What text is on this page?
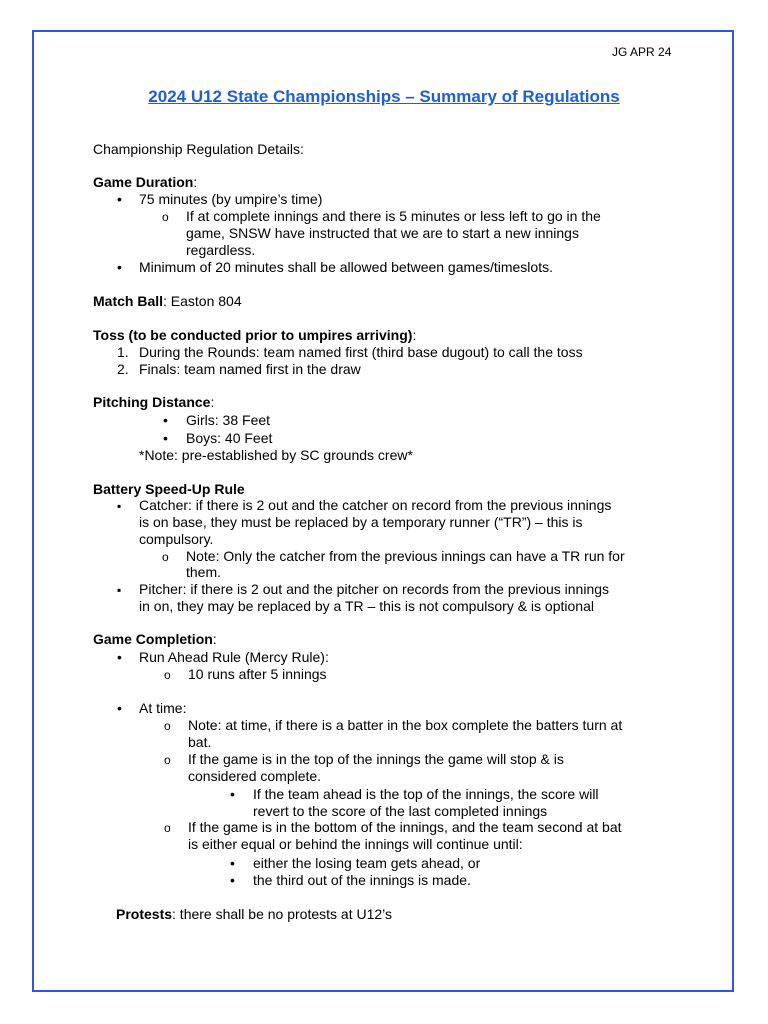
JG APR 24
2024 U12 State Championships – Summary of Regulations
Championship Regulation Details:
Game Duration:
•
75 minutes (by umpire’s time)
o
If at complete innings and there is 5 minutes or less left to go in the
game, SNSW have instructed that we are to start a new innings
regardless.
•
Minimum of 20 minutes shall be allowed between games/timeslots.
Match Ball: Easton 804
Toss (to be conducted prior to umpires arriving):
1. During the Rounds: team named first (third base dugout) to call the toss
2. Finals: team named first in the draw
Pitching Distance:
•
Girls: 38 Feet
•
Boys: 40 Feet
*Note: pre-established by SC grounds crew*
Battery Speed-Up Rule
▪
Catcher: if there is 2 out and the catcher on record from the previous innings
is on base, they must be replaced by a temporary runner (“TR”) – this is
compulsory.
o
Note: Only the catcher from the previous innings can have a TR run for
them.
▪
Pitcher: if there is 2 out and the pitcher on records from the previous innings
in on, they may be replaced by a TR – this is not compulsory & is optional
Game Completion:
•
Run Ahead Rule (Mercy Rule):
o
10 runs after 5 innings
•
At time:
o
Note: at time, if there is a batter in the box complete the batters turn at
bat.
o
If the game is in the top of the innings the game will stop & is
considered complete.
•
If the team ahead is the top of the innings, the score will
revert to the score of the last completed innings
o
If the game is in the bottom of the innings, and the team second at bat
is either equal or behind the innings will continue until:
•
either the losing team gets ahead, or
•
the third out of the innings is made.
Protests: there shall be no protests at U12’s
